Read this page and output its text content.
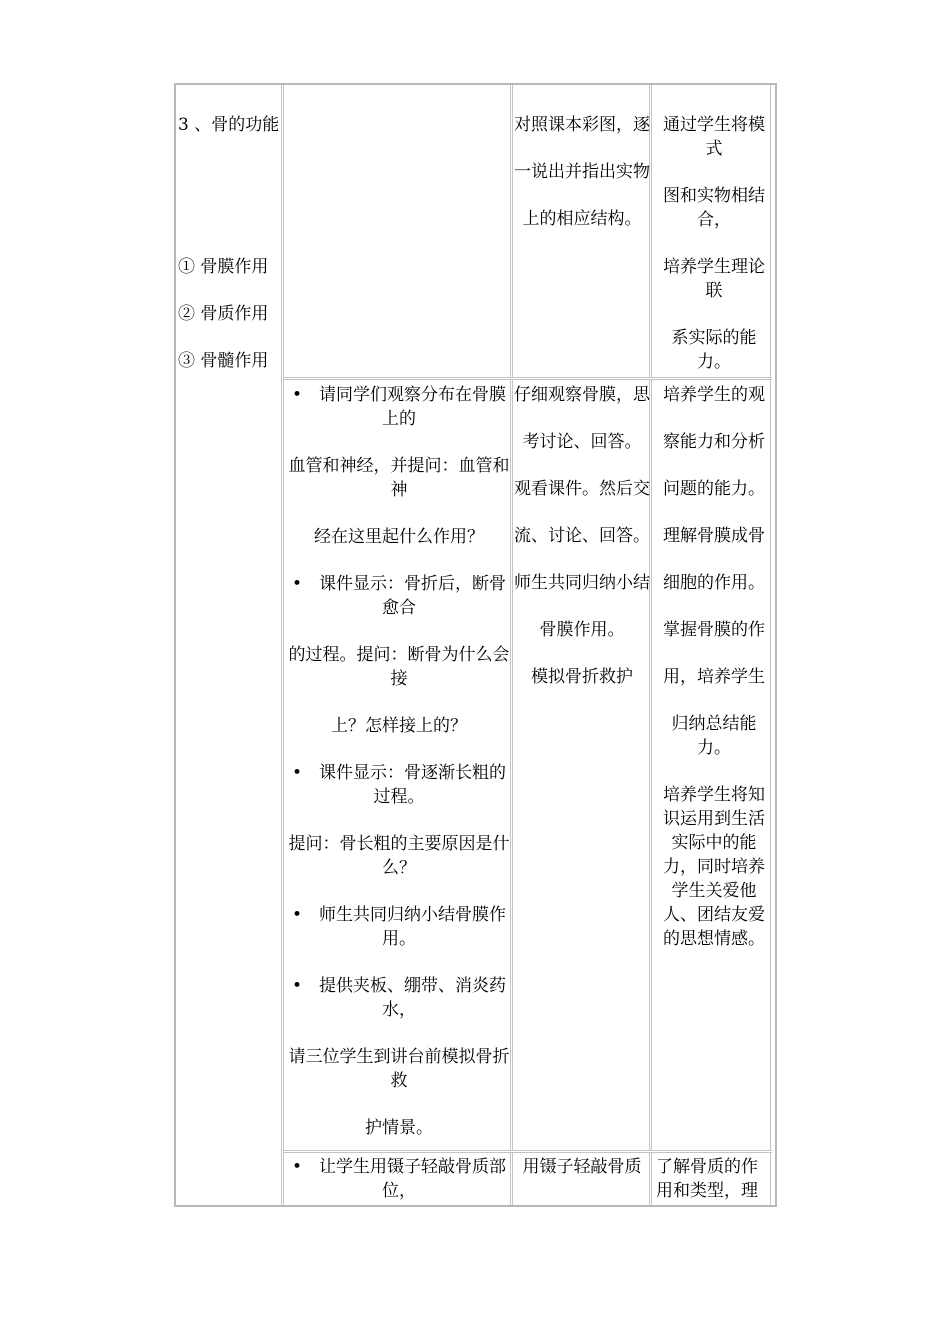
3 、骨的功能

① 骨膜作用

② 骨质作用

③ 骨髓作用

对照课本彩图，逐

一说出并指出实物

上的相应结构。

通过学生将模式

图和实物相结合，

培养学生理论联

系实际的能力。

•　请同学们观察分布在骨膜上的

血管和神经，并提问：血管和神

经在这里起什么作用？

•　课件显示：骨折后，断骨愈合

的过程。提问：断骨为什么会接

上？怎样接上的？

•　课件显示：骨逐渐长粗的过程。

提问：骨长粗的主要原因是什么？

•　师生共同归纳小结骨膜作用。

•　提供夹板、绷带、消炎药水，

请三位学生到讲台前模拟骨折救

护情景。

仔细观察骨膜，思

考讨论、回答。

观看课件。然后交

流、讨论、回答。

师生共同归纳小结

骨膜作用。

模拟骨折救护

培养学生的观

察能力和分析

问题的能力。

理解骨膜成骨

细胞的作用。

掌握骨膜的作

用，培养学生

归纳总结能力。

培养学生将知识运用到生活实际中的能力，同时培养学生关爱他人、团结友爱的思想情感。

•　让学生用镊子轻敲骨质部位，

用镊子轻敲骨质 了解骨质的作用和类型，理
